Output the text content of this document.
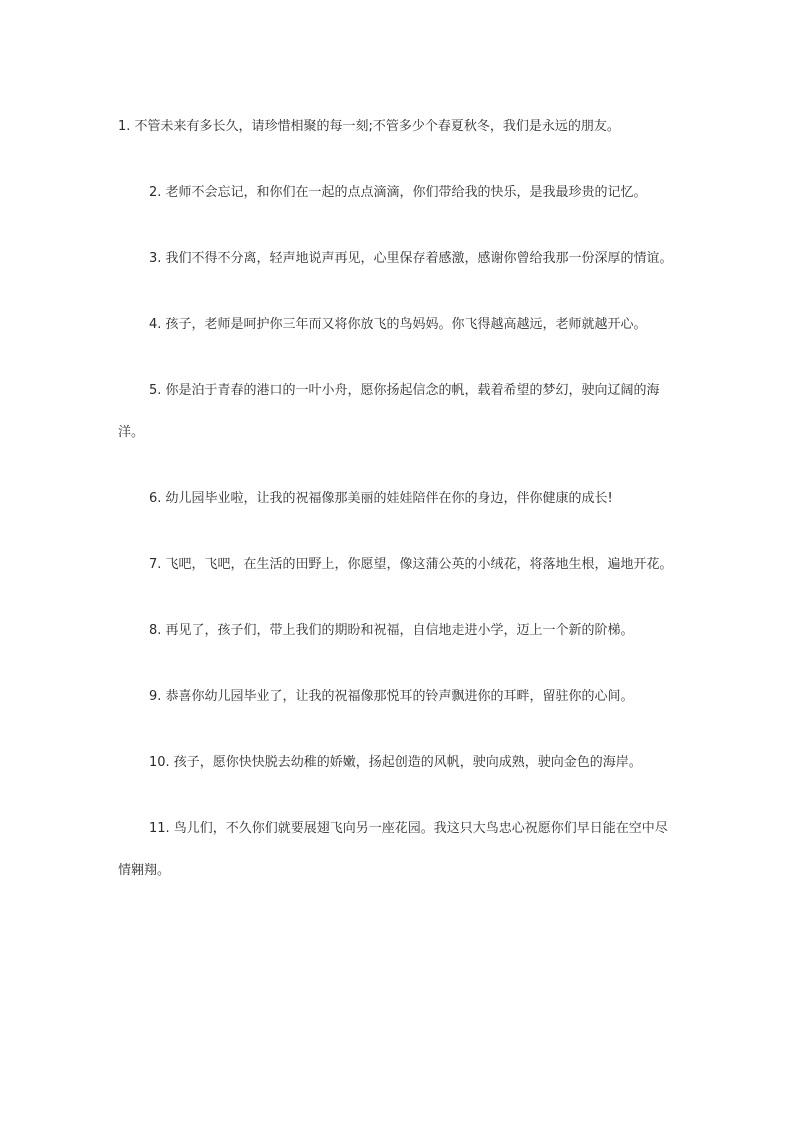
1. 不管未来有多长久，请珍惜相聚的每一刻;不管多少个春夏秋冬，我们是永远的朋友。

2. 老师不会忘记，和你们在一起的点点滴滴，你们带给我的快乐，是我最珍贵的记忆。

3. 我们不得不分离，轻声地说声再见，心里保存着感激，感谢你曾给我那一份深厚的情谊。

4. 孩子，老师是呵护你三年而又将你放飞的鸟妈妈。你飞得越高越远，老师就越开心。

5. 你是泊于青春的港口的一叶小舟，愿你扬起信念的帆，载着希望的梦幻，驶向辽阔的海洋。

6. 幼儿园毕业啦，让我的祝福像那美丽的娃娃陪伴在你的身边，伴你健康的成长!

7. 飞吧，飞吧，在生活的田野上，你愿望，像这蒲公英的小绒花，将落地生根，遍地开花。

8. 再见了，孩子们，带上我们的期盼和祝福，自信地走进小学，迈上一个新的阶梯。

9. 恭喜你幼儿园毕业了，让我的祝福像那悦耳的铃声飘进你的耳畔，留驻你的心间。

10. 孩子，愿你快快脱去幼稚的娇嫩，扬起创造的风帆，驶向成熟，驶向金色的海岸。

11. 鸟儿们，不久你们就要展翅飞向另一座花园。我这只大鸟忠心祝愿你们早日能在空中尽情翱翔。
